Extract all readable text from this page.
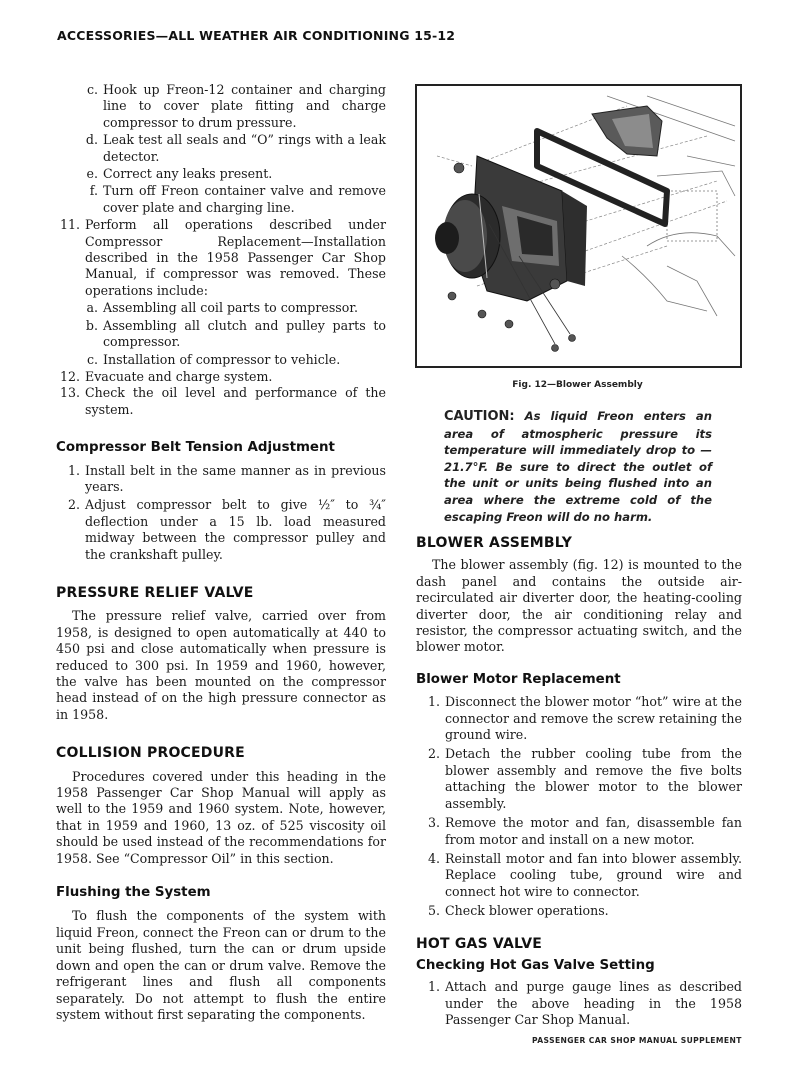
ACCESSORIES—ALL WEATHER AIR CONDITIONING 15-12
c. Hook up Freon-12 container and charging line to cover plate fitting and charge compressor to drum pressure.
d. Leak test all seals and “O” rings with a leak detector.
e. Correct any leaks present.
f. Turn off Freon container valve and remove cover plate and charging line.
11. Perform all operations described under Compressor Replacement—Installation described in the 1958 Passenger Car Shop Manual, if compressor was removed. These operations include:
a. Assembling all coil parts to compressor.
b. Assembling all clutch and pulley parts to compressor.
c. Installation of compressor to vehicle.
12. Evacuate and charge system.
13. Check the oil level and performance of the system.
Compressor Belt Tension Adjustment
1. Install belt in the same manner as in previous years.
2. Adjust compressor belt to give ½″ to ¾″ deflection under a 15 lb. load measured midway between the compressor pulley and the crankshaft pulley.
PRESSURE RELIEF VALVE

The pressure relief valve, carried over from 1958, is designed to open automatically at 440 to 450 psi and close automatically when pressure is reduced to 300 psi. In 1959 and 1960, however, the valve has been mounted on the compressor head instead of on the high pressure connector as in 1958.

COLLISION PROCEDURE

Procedures covered under this heading in the 1958 Passenger Car Shop Manual will apply as well to the 1959 and 1960 system. Note, however, that in 1959 and 1960, 13 oz. of 525 viscosity oil should be used instead of the recommendations for 1958. See “Compressor Oil” in this section.

Flushing the System

To flush the components of the system with liquid Freon, connect the Freon can or drum to the unit being flushed, turn the can or drum upside down and open the can or drum valve. Remove the refrigerant lines and flush all components separately. Do not attempt to flush the entire system without first separating the components.

Fig. 12—Blower Assembly
CAUTION: As liquid Freon enters an area of atmospheric pressure its temperature will immediately drop to —21.7°F. Be sure to direct the outlet of the unit or units being flushed into an area where the extreme cold of the escaping Freon will do no harm.
BLOWER ASSEMBLY

The blower assembly (fig. 12) is mounted to the dash panel and contains the outside air-recirculated air diverter door, the heating-cooling diverter door, the air conditioning relay and resistor, the compressor actuating switch, and the blower motor.

Blower Motor Replacement
1. Disconnect the blower motor “hot” wire at the connector and remove the screw retaining the ground wire.
2. Detach the rubber cooling tube from the blower assembly and remove the five bolts attaching the blower motor to the blower assembly.
3. Remove the motor and fan, disassemble fan from motor and install on a new motor.
4. Reinstall motor and fan into blower assembly. Replace cooling tube, ground wire and connect hot wire to connector.
5. Check blower operations.
HOT GAS VALVE
Checking Hot Gas Valve Setting
1. Attach and purge gauge lines as described under the above heading in the 1958 Passenger Car Shop Manual.
PASSENGER CAR SHOP MANUAL SUPPLEMENT
